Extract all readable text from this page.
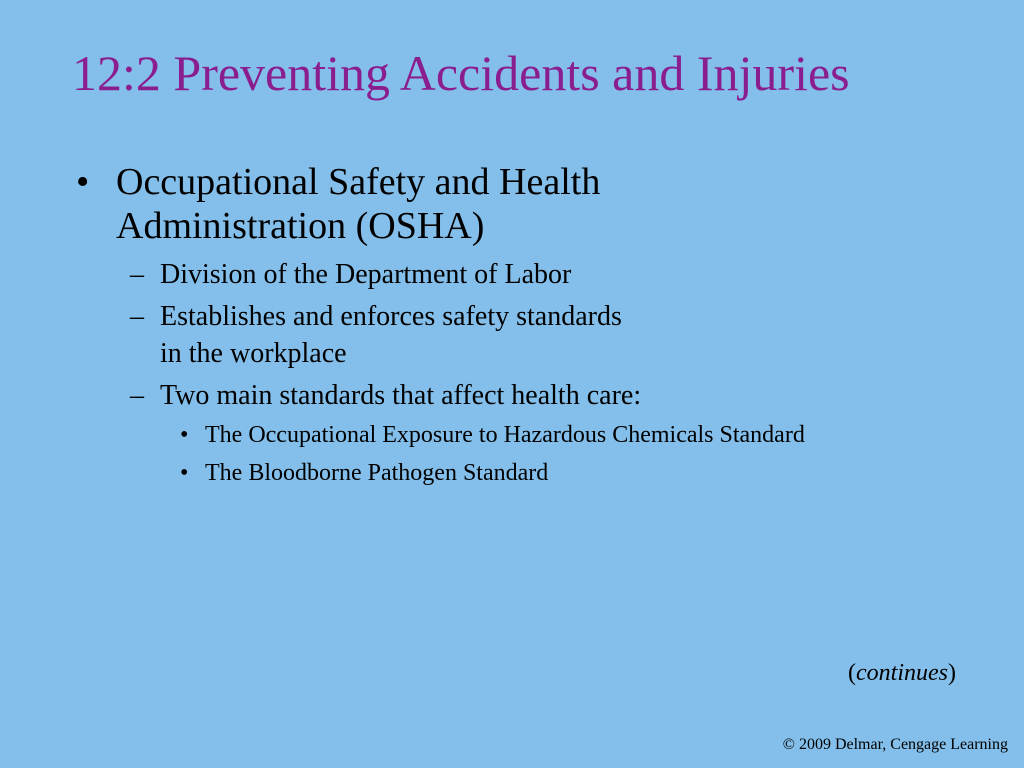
12:2 Preventing Accidents and Injuries
• Occupational Safety and Health
Administration (OSHA)
– Division of the Department of Labor
– Establishes and enforces safety standards
in the workplace
– Two main standards that affect health care:
• The Occupational Exposure to Hazardous Chemicals Standard
• The Bloodborne Pathogen Standard
(continues)
© 2009 Delmar, Cengage Learning
